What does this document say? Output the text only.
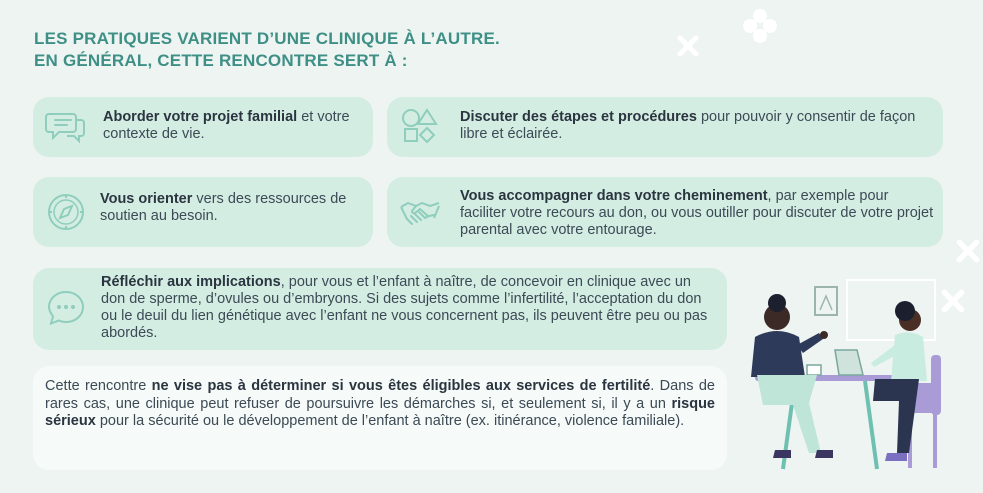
LES PRATIQUES VARIENT D’UNE CLINIQUE À L’AUTRE.
EN GÉNÉRAL, CETTE RENCONTRE SERT À :
Aborder votre projet familial et votre contexte de vie.
Discuter des étapes et procédures pour pouvoir y consentir de façon libre et éclairée.
Vous orienter vers des ressources de soutien au besoin.
Vous accompagner dans votre cheminement, par exemple pour faciliter votre recours au don, ou vous outiller pour discuter de votre projet parental avec votre entourage.
Réfléchir aux implications, pour vous et l’enfant à naître, de concevoir en clinique avec un don de sperme, d’ovules ou d’embryons. Si des sujets comme l’infertilité, l’acceptation du don ou le deuil du lien génétique avec l’enfant ne vous concernent pas, ils peuvent être peu ou pas abordés.
Cette rencontre ne vise pas à déterminer si vous êtes éligibles aux services de fertilité. Dans de rares cas, une clinique peut refuser de poursuivre les démarches si, et seulement si, il y a un risque sérieux pour la sécurité ou le développement de l’enfant à naître (ex. itinérance, violence familiale).
